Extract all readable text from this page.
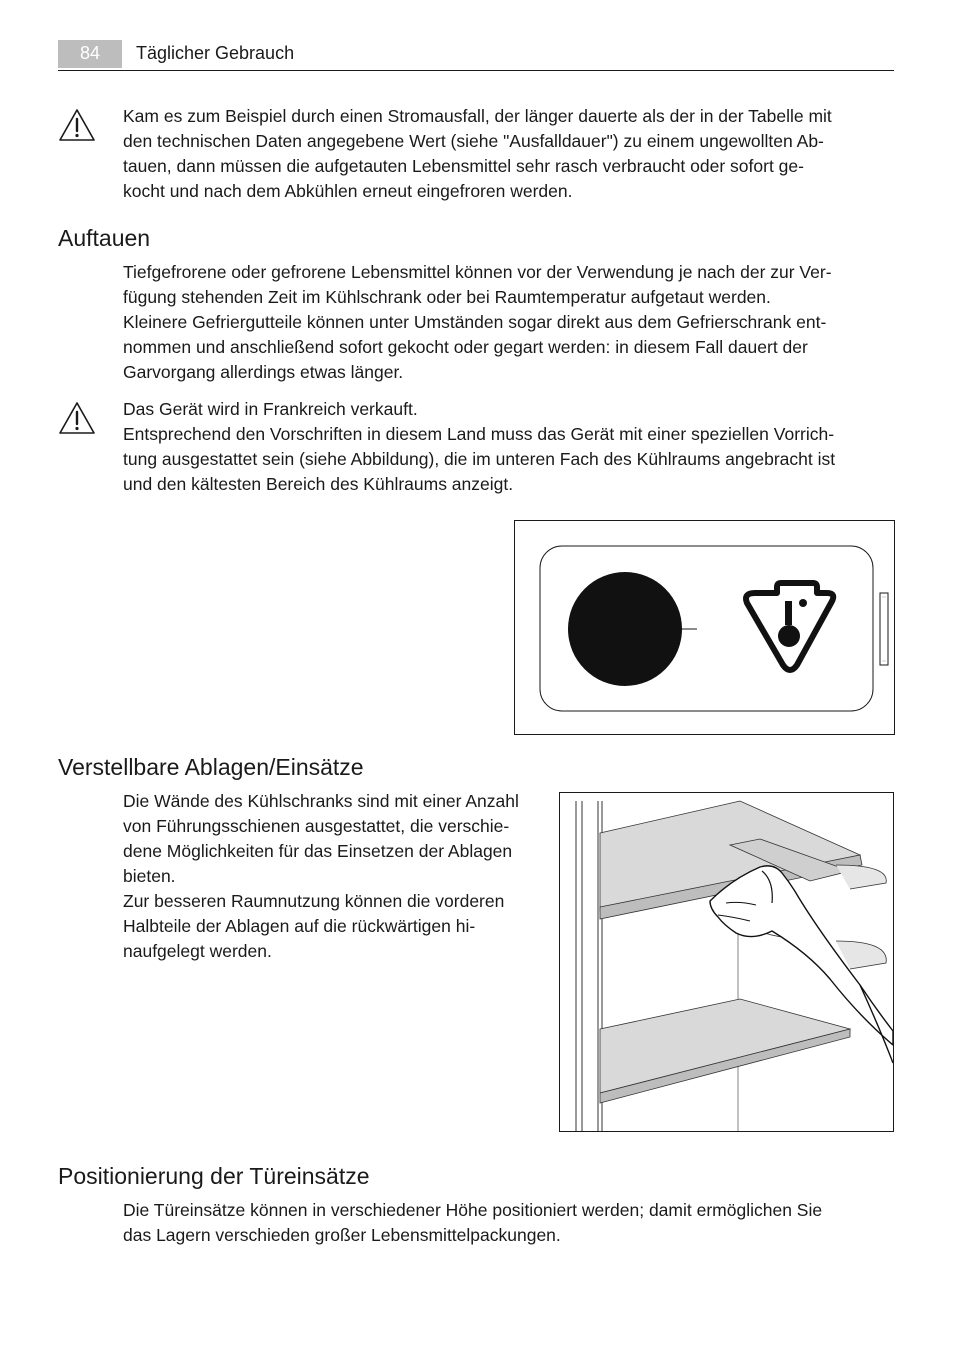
84	Täglicher Gebrauch

Kam es zum Beispiel durch einen Stromausfall, der länger dauerte als der in der Tabelle mit
den technischen Daten angegebene Wert (siehe "Ausfalldauer") zu einem ungewollten Ab-
tauen, dann müssen die aufgetauten Lebensmittel sehr rasch verbraucht oder sofort ge-
kocht und nach dem Abkühlen erneut eingefroren werden.

Auftauen

Tiefgefrorene oder gefrorene Lebensmittel können vor der Verwendung je nach der zur Ver-
fügung stehenden Zeit im Kühlschrank oder bei Raumtemperatur aufgetaut werden.
Kleinere Gefriergutteile können unter Umständen sogar direkt aus dem Gefrierschrank ent-
nommen und anschließend sofort gekocht oder gegart werden: in diesem Fall dauert der
Garvorgang allerdings etwas länger.

Das Gerät wird in Frankreich verkauft.
Entsprechend den Vorschriften in diesem Land muss das Gerät mit einer speziellen Vorrich-
tung ausgestattet sein (siehe Abbildung), die im unteren Fach des Kühlraums angebracht ist
und den kältesten Bereich des Kühlraums anzeigt.

Verstellbare Ablagen/Einsätze

Die Wände des Kühlschranks sind mit einer Anzahl
von Führungsschienen ausgestattet, die verschie-
dene Möglichkeiten für das Einsetzen der Ablagen
bieten.
Zur besseren Raumnutzung können die vorderen
Halbteile der Ablagen auf die rückwärtigen hi-
naufgelegt werden.

Positionierung der Türeinsätze

Die Türeinsätze können in verschiedener Höhe positioniert werden; damit ermöglichen Sie
das Lagern verschieden großer Lebensmittelpackungen.
